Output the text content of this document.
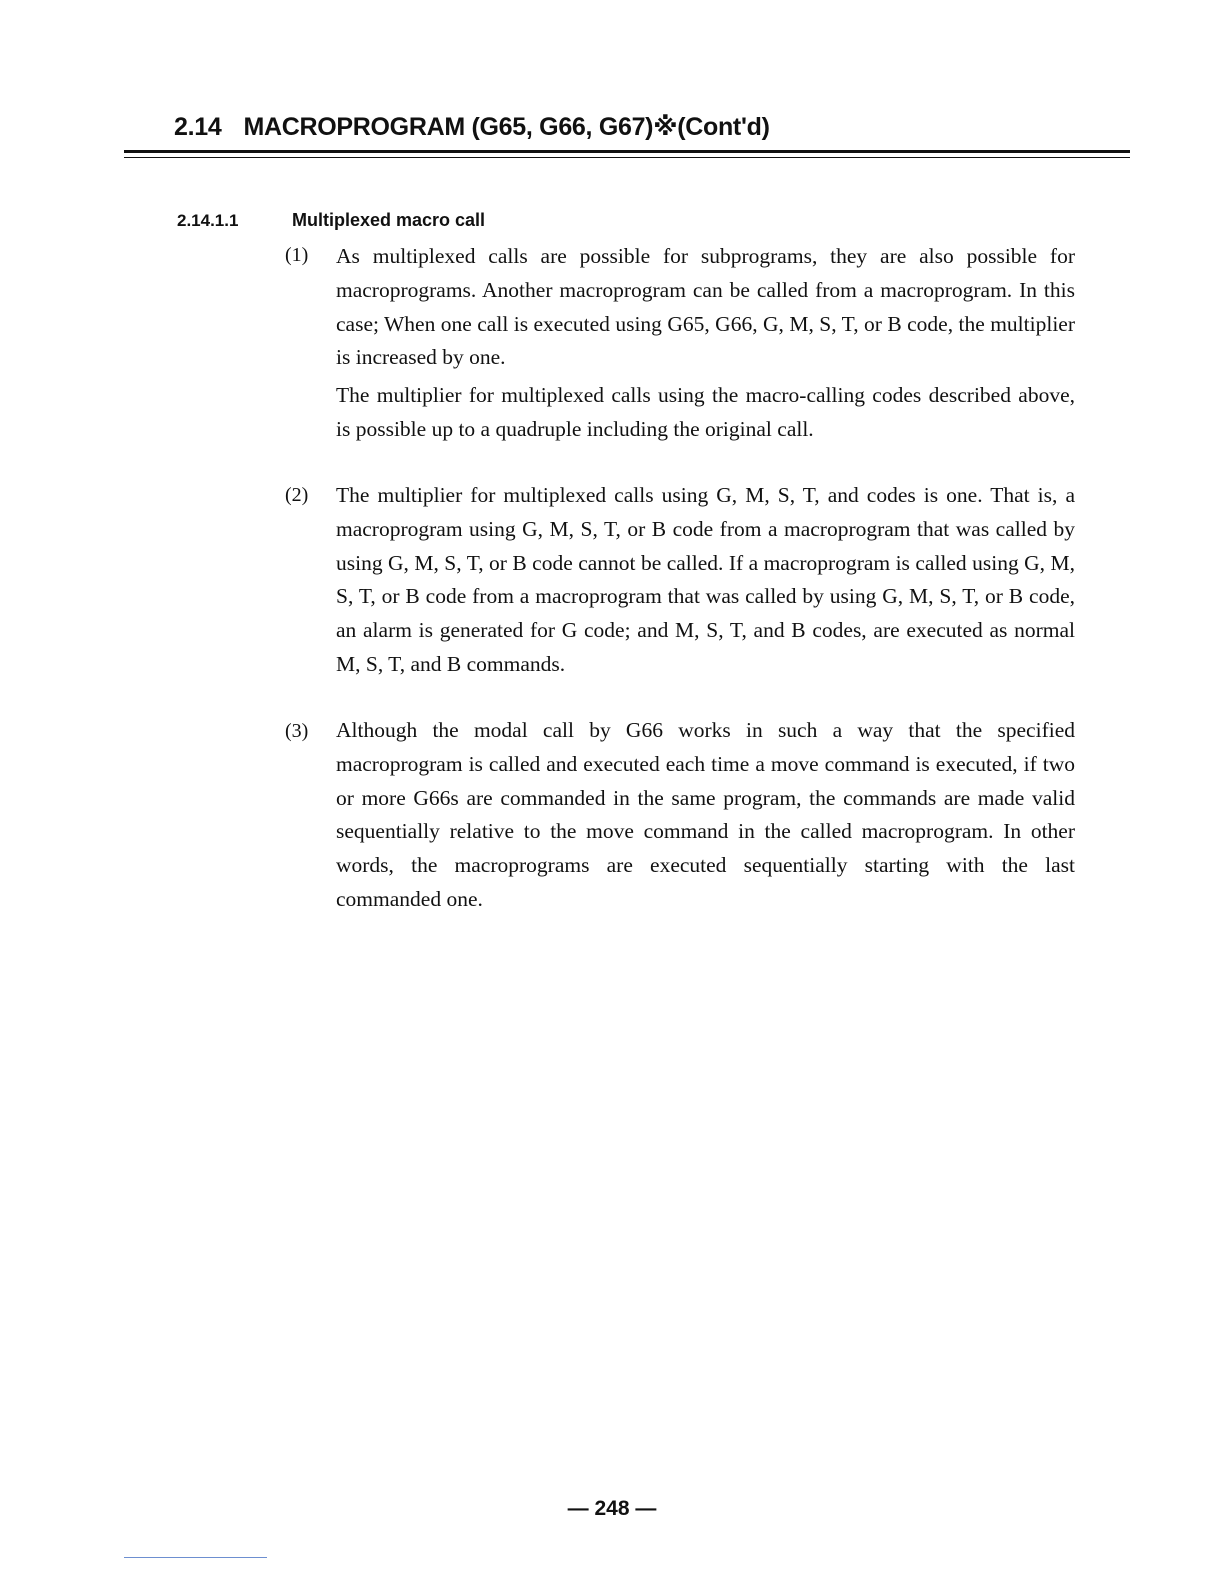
2.14 MACROPROGRAM (G65, G66, G67)※(Cont'd)
2.14.1.1	Multiplexed macro call
(1) As multiplexed calls are possible for subprograms, they are also possible for macroprograms. Another macroprogram can be called from a macroprogram. In this case; When one call is executed using G65, G66, G, M, S, T, or B code, the multiplier is increased by one.

The multiplier for multiplexed calls using the macro-calling codes described above, is possible up to a quadruple including the original call.

(2) The multiplier for multiplexed calls using G, M, S, T, and codes is one. That is, a macroprogram using G, M, S, T, or B code from a macroprogram that was called by using G, M, S, T, or B code cannot be called. If a macroprogram is called using G, M, S, T, or B code from a macroprogram that was called by using G, M, S, T, or B code, an alarm is generated for G code; and M, S, T, and B codes, are executed as normal M, S, T, and B commands.

(3) Although the modal call by G66 works in such a way that the specified macroprogram is called and executed each time a move command is executed, if two or more G66s are commanded in the same program, the commands are made valid sequentially relative to the move command in the called macroprogram. In other words, the macroprograms are executed sequentially starting with the last commanded one.

— 248 —
